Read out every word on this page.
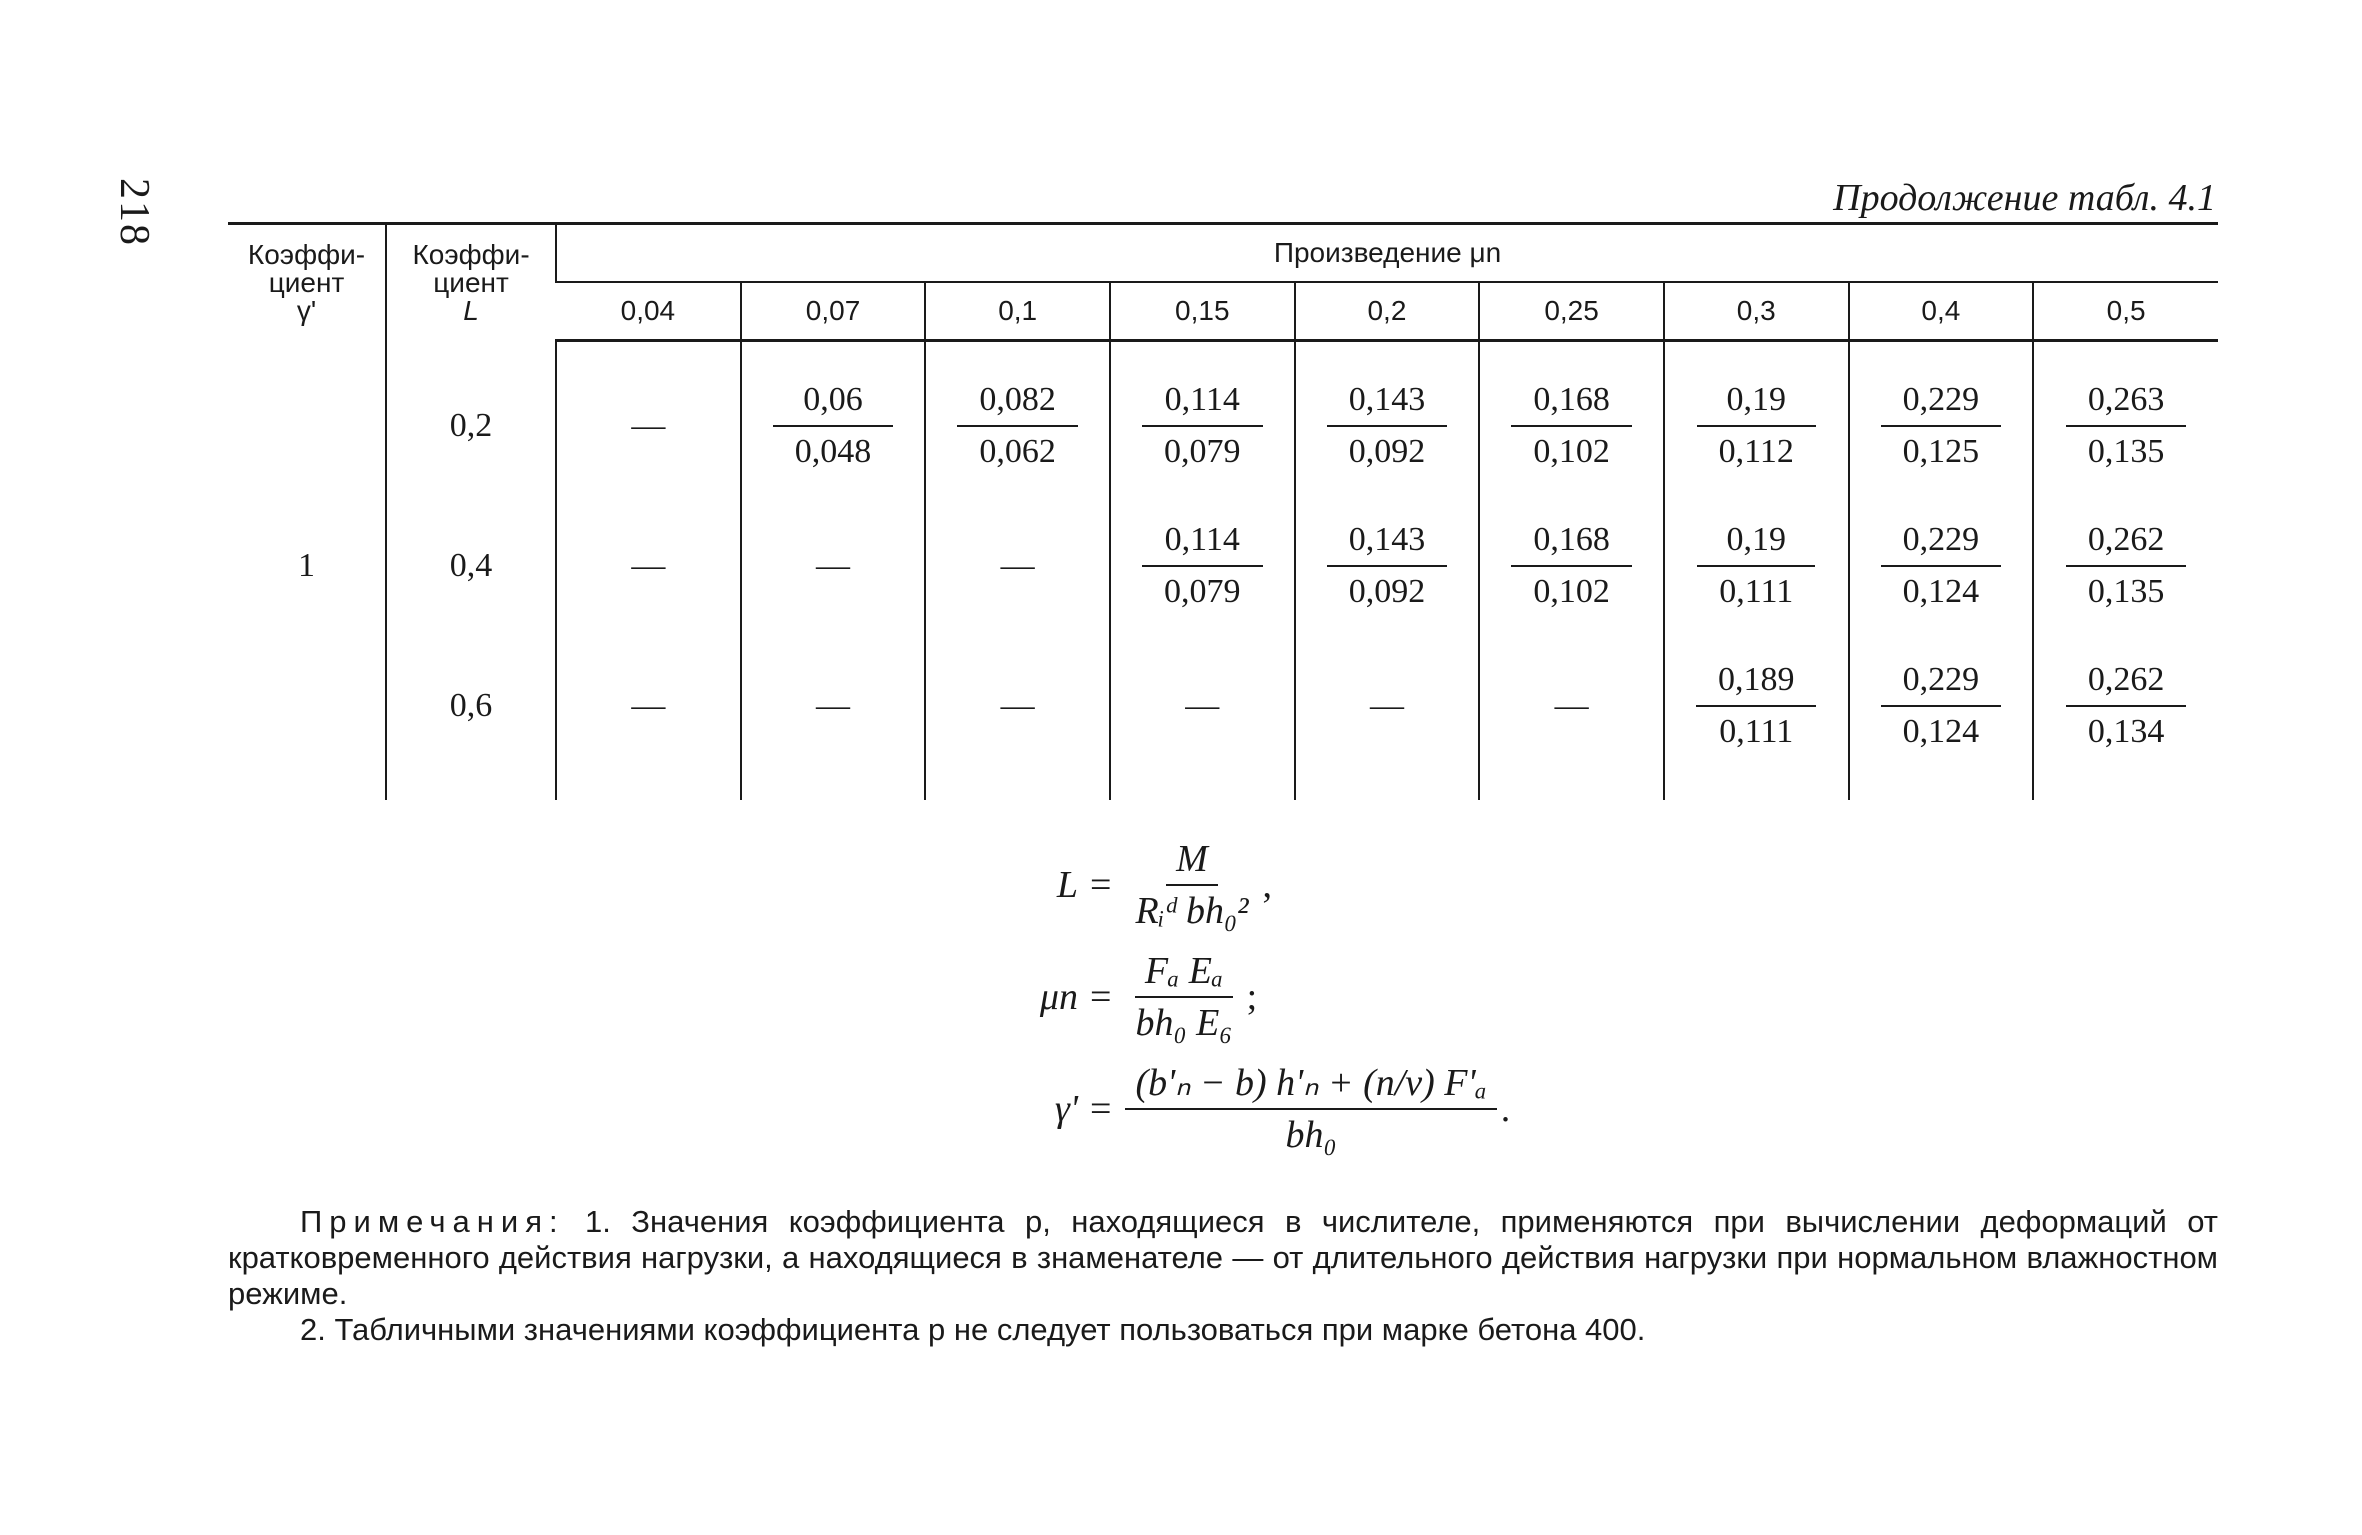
218	Продолжение табл. 4.1
Коэффи-
циент
γ'	Коэффи-
циент
L	Произведение μn								
		0,04	0,07	0,1	0,15	0,2	0,25	0,3	0,4	0,5

	0,2	—	$\frac{0,06}{0,048}$	$\frac{0,082}{0,062}$	$\frac{0,114}{0,079}$	$\frac{0,143}{0,092}$	$\frac{0,168}{0,102}$	$\frac{0,19}{0,112}$	$\frac{0,229}{0,125}$	$\frac{0,263}{0,135}$

1	0,4	—	—	—	$\frac{0,114}{0,079}$	$\frac{0,143}{0,092}$	$\frac{0,168}{0,102}$	$\frac{0,19}{0,111}$	$\frac{0,229}{0,124}$	$\frac{0,262}{0,135}$

	0,6	—	—	—	—	—	—	$\frac{0,189}{0,111}$	$\frac{0,229}{0,124}$	$\frac{0,262}{0,134}$

L =
M
Rᵢᵈ bh₀²
,
$\mu n = \frac{\text{Fₐ Eₐ}}{\text{bh₀ E₆}}$ ;
$\gamma' = \frac{\text{(b'ₙ − b) h'ₙ + (n/ν) F'ₐ}}{\text{bh₀}}$ .

Примечания: 1. Значения коэффициента p, находящиеся в числителе, применяются при вычислении деформаций от кратковременного действия нагрузки, а находящиеся в знаменателе — от длительного действия нагрузки при нормальном влажностном режиме.

2. Табличными значениями коэффициента p не следует пользоваться при марке бетона 400.
